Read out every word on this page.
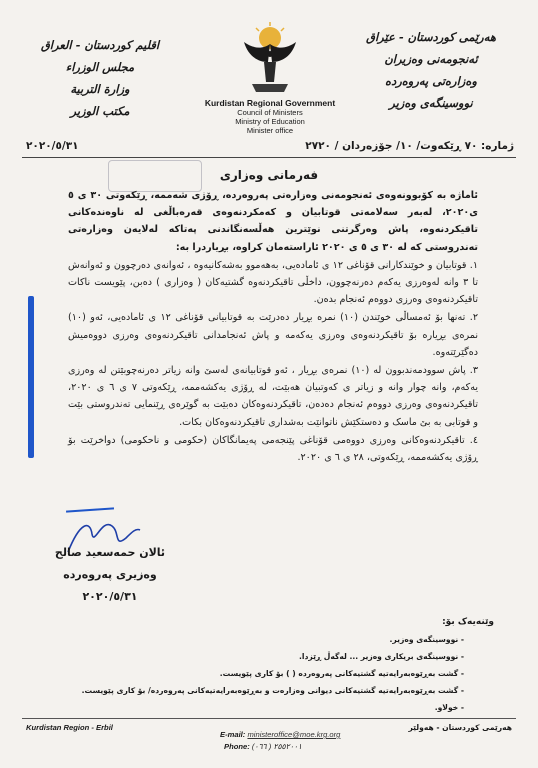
هەرێمی کوردستان - عێراق
ئەنجومەنی وەزیران
وەزارەتی پەروەردە
نووسینگەی وەزیر
اقليم كوردستان - العراق
مجلس الوزراء
وزارة التربية
مكتب الوزير
Kurdistan Regional Government
Council of Ministers
Ministry of Education
Minister office
ژمارە: ٧٠ ڕێکەوت/ ١٠/ جۆزەردان / ٢٧٢٠
٢٠٢٠/٥/٣١
فەرمانی وەزاری

ئاماژە بە کۆبوونەوەی ئەنجومەنی وەزارەتی پەروەردە، ڕۆژی شەممە، ڕێکەوتی ٣٠ ی ٥ ی٢٠٢٠، لەبەر سەلامەتی قوتابیان و کەمکردنەوەی قەرەباڵغی لە ناوەندەکانی تاقیکردنەوە، پاش وەرگرتنی نوێترین هەڵسەنگاندنی پەتاکە لەلایەن وەزارەتی تەندروستی کە لە ٣٠ ی ٥ ی ٢٠٢٠ ئاراستەمان کراوە، بڕیاردرا بە:

١. قوتابیان و خوێندکارانی قۆناغی ١٢ ی ئامادەیی، بەهەموو بەشەکانیەوە ، ئەوانەی دەرچوون و ئەوانەش تا ٣ وانە لەوەرزی یەکەم دەرنەچوون، داخڵی تاقیکردنەوە گشتیەکان ( وەزاری ) دەبن، پێویست ناکات تاقیکردنەوەی وەرزی دووەم ئەنجام بدەن.

٢. تەنها بۆ ئەمساڵی خوێندن (١٠) نمرە بڕیار دەدرێت بە قوتابیانی قۆناغی ١٢ ی ئامادەیی، ئەو (١٠) نمرەی بڕیارە بۆ تاقیکردنەوەی وەرزی یەکەمە و پاش ئەنجامدانی تاقیکردنەوەی وەرزی دووەمیش دەگێرێتەوە.

٣. پاش سوودمەندبوون لە (١٠) نمرەی بڕیار ، ئەو قوتابیانەی لەسێ وانە زیاتر دەرنەچوبێتن لە وەرزی یەکەم، وانە چوار وانە و زیاتر ی کەوتبیان هەبێت، لە ڕۆژی یەکشەممە، ڕێکەوتی ٧ ی ٦ ی ٢٠٢٠، تاقیکردنەوەی وەرزی دووەم ئەنجام دەدەن، تاقیکردنەوەکان دەبێت بە گوێرەی ڕێنمایی تەندروستی بێت و قوتابی بە بێ ماسک و دەستکێش ناتوانێت بەشداری تاقیکردنەوەکان بکات.

٤. تاقیکردنەوەکانی وەرزی دووەمی قۆناغی پێنجەمی پەیمانگاکان (حکومی و ناحکومی) دواخرێت بۆ ڕۆژی یەکشەممە، ڕێکەوتی، ٢٨ ی ٦ ی ٢٠٢٠.

ئالان حمەسعید صالح
وەزیری پەروەردە
٢٠٢٠/٥/٣١
وێنەیەک بۆ:
- نووسینگەی وەزیر.
- نووسینگەی بریکاری وەزیر ... لەگەڵ ڕێزدا.
- گشت بەڕێوەبەرایەتیە گشتیەکانی پەروەردە ( ) بۆ کاری پێویست.
- گشت بەڕێوەبەرایەتیە گشتیەکانی دیوانی وەزارەت و بەڕێوەبەرایەتیەکانی پەروەردە/ بۆ کاری پێویست.
- خولاو.
Kurdistan Region - Erbil	هەرێمی کوردستان - هەولێر
E-mail: ministeroffice@moe.krg.org
Phone: (٠٦٦ ) ٢٥٥٢٠٠١
